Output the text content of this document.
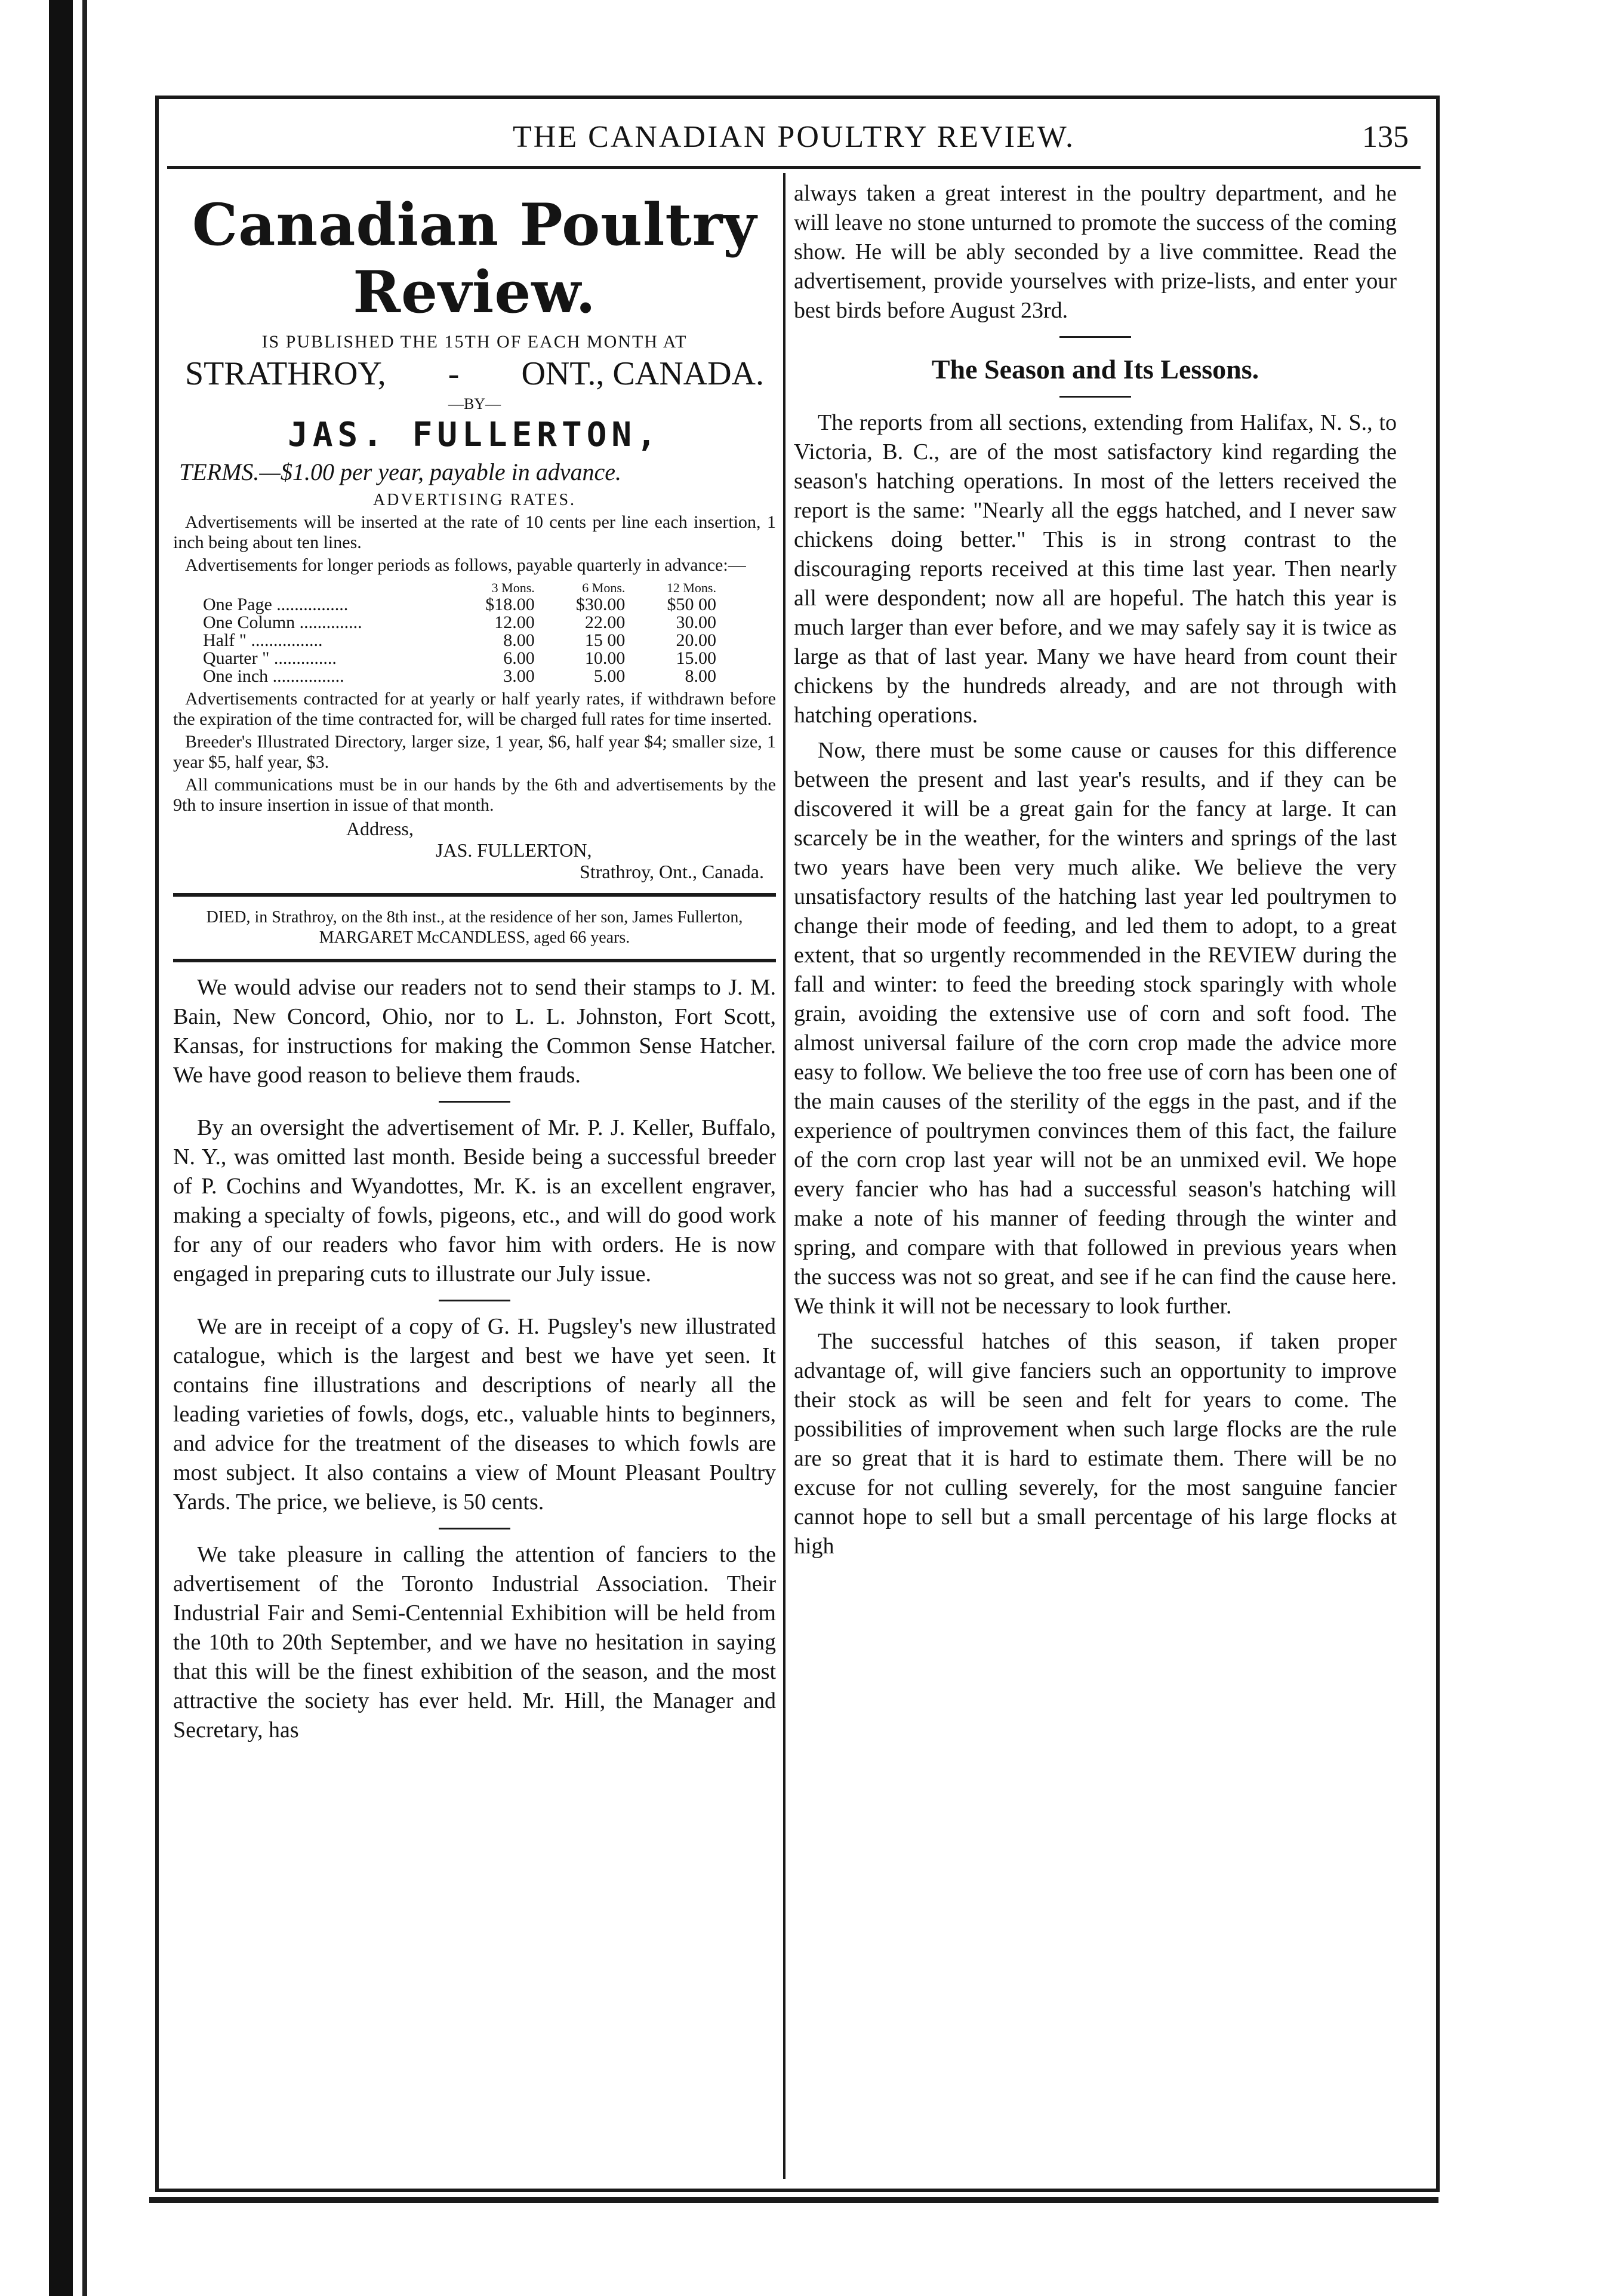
THE CANADIAN POULTRY REVIEW.	135
Canadian Poultry Review.
IS PUBLISHED THE 15TH OF EACH MONTH AT
STRATHROY, - ONT., CANADA.
—BY—
JAS. FULLERTON,
TERMS.—$1.00 per year, payable in advance.
ADVERTISING RATES.
Advertisements will be inserted at the rate of 10 cents per line each insertion, 1 inch being about ten lines.
Advertisements for longer periods as follows, payable quarterly in advance:—
	3 Mons.	6 Mons.	12 Mons.
One Page ................	$18.00	$30.00	$50 00
One Column ..............	12.00	22.00	30.00
Half " ................	8.00	15 00	20.00
Quarter " ..............	6.00	10.00	15.00
One inch ................	3.00	5.00	8.00
Advertisements contracted for at yearly or half yearly rates, if withdrawn before the expiration of the time contracted for, will be charged full rates for time inserted.
Breeder's Illustrated Directory, larger size, 1 year, $6, half year $4; smaller size, 1 year $5, half year, $3.
All communications must be in our hands by the 6th and advertisements by the 9th to insure insertion in issue of that month.
Address,
JAS. FULLERTON,
Strathroy, Ont., Canada.
DIED, in Strathroy, on the 8th inst., at the residence of her son, James Fullerton, MARGARET McCANDLESS, aged 66 years.

We would advise our readers not to send their stamps to J. M. Bain, New Concord, Ohio, nor to L. L. Johnston, Fort Scott, Kansas, for instructions for making the Common Sense Hatcher. We have good reason to believe them frauds.

By an oversight the advertisement of Mr. P. J. Keller, Buffalo, N. Y., was omitted last month. Beside being a successful breeder of P. Cochins and Wyandottes, Mr. K. is an excellent engraver, making a specialty of fowls, pigeons, etc., and will do good work for any of our readers who favor him with orders. He is now engaged in preparing cuts to illustrate our July issue.

We are in receipt of a copy of G. H. Pugsley's new illustrated catalogue, which is the largest and best we have yet seen. It contains fine illustrations and descriptions of nearly all the leading varieties of fowls, dogs, etc., valuable hints to beginners, and advice for the treatment of the diseases to which fowls are most subject. It also contains a view of Mount Pleasant Poultry Yards. The price, we believe, is 50 cents.

We take pleasure in calling the attention of fanciers to the advertisement of the Toronto Industrial Association. Their Industrial Fair and Semi-Centennial Exhibition will be held from the 10th to 20th September, and we have no hesitation in saying that this will be the finest exhibition of the season, and the most attractive the society has ever held. Mr. Hill, the Manager and Secretary, has

always taken a great interest in the poultry department, and he will leave no stone unturned to promote the success of the coming show. He will be ably seconded by a live committee. Read the advertisement, provide yourselves with prize-lists, and enter your best birds before August 23rd.

The Season and Its Lessons.

The reports from all sections, extending from Halifax, N. S., to Victoria, B. C., are of the most satisfactory kind regarding the season's hatching operations. In most of the letters received the report is the same: "Nearly all the eggs hatched, and I never saw chickens doing better." This is in strong contrast to the discouraging reports received at this time last year. Then nearly all were despondent; now all are hopeful. The hatch this year is much larger than ever before, and we may safely say it is twice as large as that of last year. Many we have heard from count their chickens by the hundreds already, and are not through with hatching operations.

Now, there must be some cause or causes for this difference between the present and last year's results, and if they can be discovered it will be a great gain for the fancy at large. It can scarcely be in the weather, for the winters and springs of the last two years have been very much alike. We believe the very unsatisfactory results of the hatching last year led poultrymen to change their mode of feeding, and led them to adopt, to a great extent, that so urgently recommended in the REVIEW during the fall and winter: to feed the breeding stock sparingly with whole grain, avoiding the extensive use of corn and soft food. The almost universal failure of the corn crop made the advice more easy to follow. We believe the too free use of corn has been one of the main causes of the sterility of the eggs in the past, and if the experience of poultrymen convinces them of this fact, the failure of the corn crop last year will not be an unmixed evil. We hope every fancier who has had a successful season's hatching will make a note of his manner of feeding through the winter and spring, and compare with that followed in previous years when the success was not so great, and see if he can find the cause here. We think it will not be necessary to look further.

The successful hatches of this season, if taken proper advantage of, will give fanciers such an opportunity to improve their stock as will be seen and felt for years to come. The possibilities of improvement when such large flocks are the rule are so great that it is hard to estimate them. There will be no excuse for not culling severely, for the most sanguine fancier cannot hope to sell but a small percentage of his large flocks at high
